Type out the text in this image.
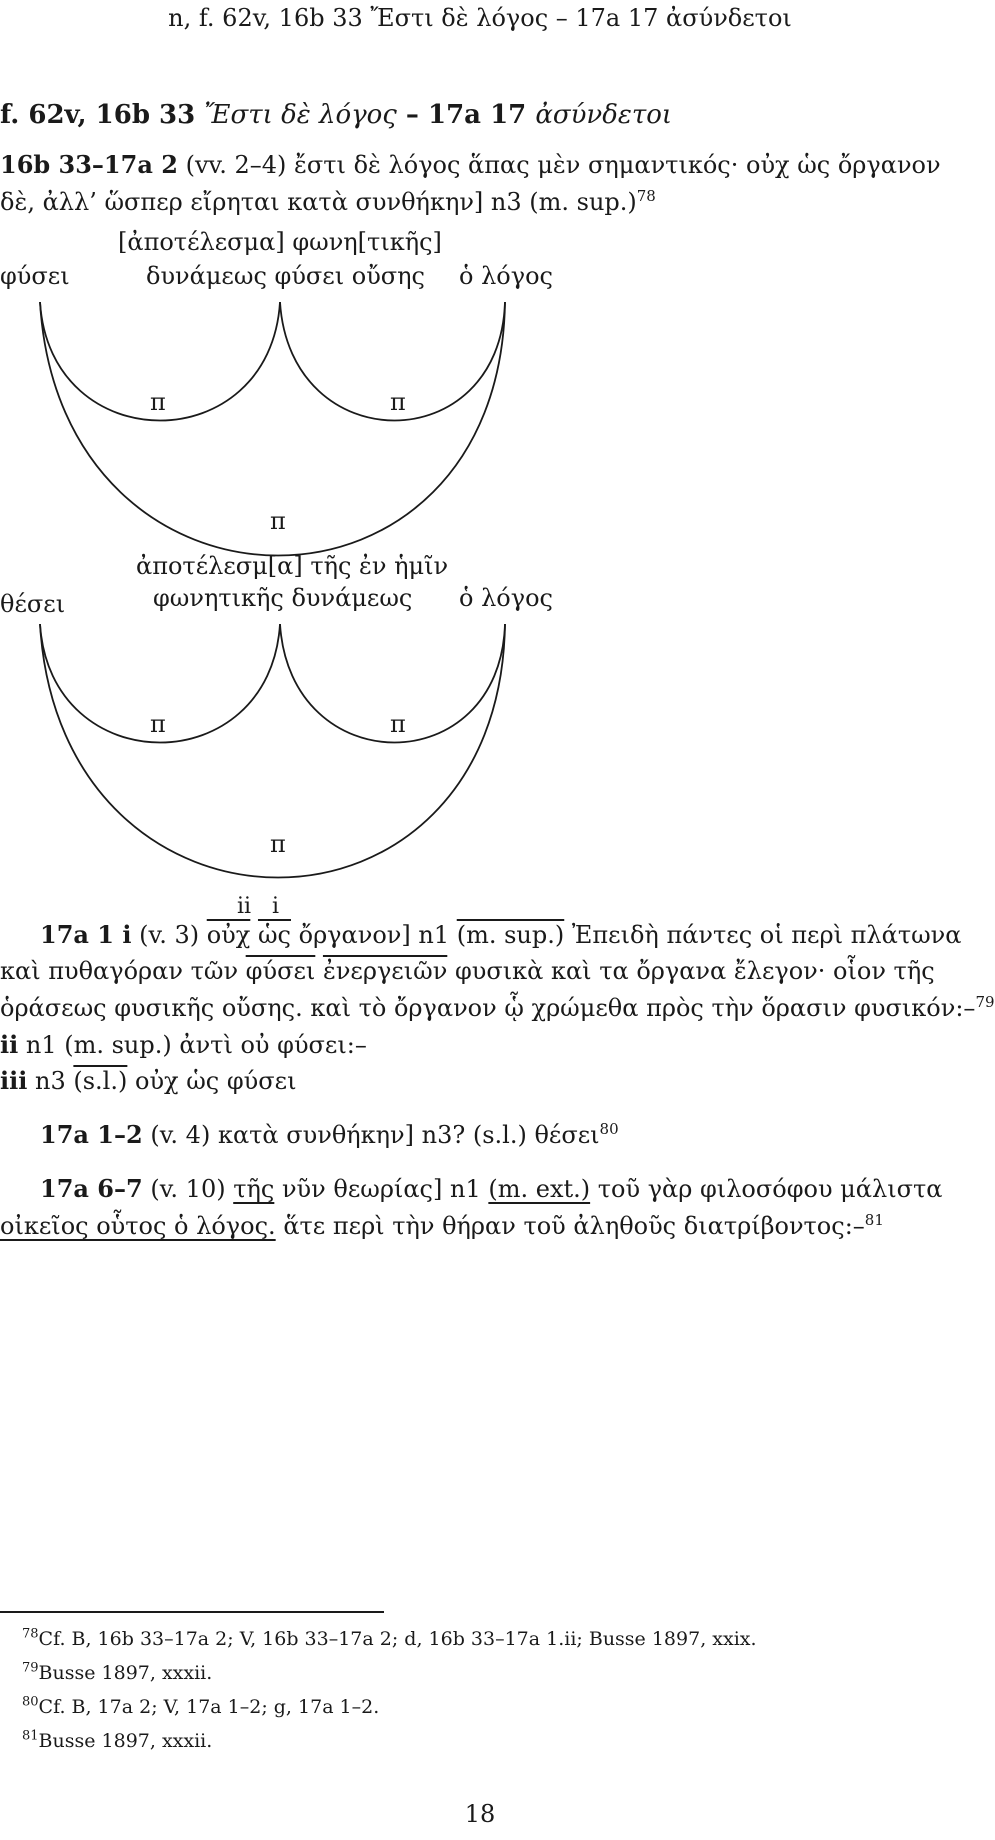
n, f. 62v, 16b 33 Ἔστι δὲ λόγος – 17a 17 ἀσύνδετοι
f. 62v, 16b 33 Ἔστι δὲ λόγος – 17a 17 ἀσύνδετοι
16b 33–17a 2 (vv. 2–4) ἔστι δὲ λόγος ἅπας μὲν σημαντικός· οὐχ ὡς ὄργανον
δὲ, ἀλλ’ ὥσπερ εἴρηται κατὰ συνθήκην] n3 (m. sup.)$^{78}$
[ἀποτέλεσμα] φωνη[τικῆς]
φύσει	δυνάμεως φύσει οὔσης ὁ λόγος
π	π
π
ἀποτέλεσμ[α] τῆς ἐν ἡμῖν
θέσει	φωνητικῆς δυνάμεως ὁ λόγος
π	π
π
ii   i
17a 1 i (v. 3) $\overline{oὐ\chi}$ $\overline{ὡ\varsigma}$ ὄργανον] n1 (m. sup.) Ἐπειδὴ πάντες οἱ περὶ πλάτωνα
καὶ πυθαγόραν τῶν φύσει ἐνεργειῶν φυσικὰ καὶ τα ὄργανα ἔλεγον· οἷον τῆς
ὁράσεως φυσικῆς οὔσης. καὶ τὸ ὄργανον ᾧ χρώμεθα πρὸς τὴν ὅρασιν φυσικόν:–$^{79}$
ii n1 (m. sup.) ἀντὶ οὐ φύσει:–
iii n3 (s.l.) οὐχ ὡς φύσει
17a 1–2 (v. 4) κατὰ συνθήκην] n3? (s.l.) θέσει$^{80}$
17a 6–7 (v. 10) τῆς νῦν θεωρίας] n1 (m. ext.) τοῦ γὰρ φιλοσόφου μάλιστα
οἰκεῖος οὗτος ὁ λόγος. ἅτε περὶ τὴν θήραν τοῦ ἀληθοῦς διατρίβοντος:–$^{81}$
$^{78}$Cf. B, 16b 33–17a 2; V, 16b 33–17a 2; d, 16b 33–17a 1.ii; Busse 1897, xxix.
$^{79}$Busse 1897, xxxii.
$^{80}$Cf. B, 17a 2; V, 17a 1–2; g, 17a 1–2.
$^{81}$Busse 1897, xxxii.
18
